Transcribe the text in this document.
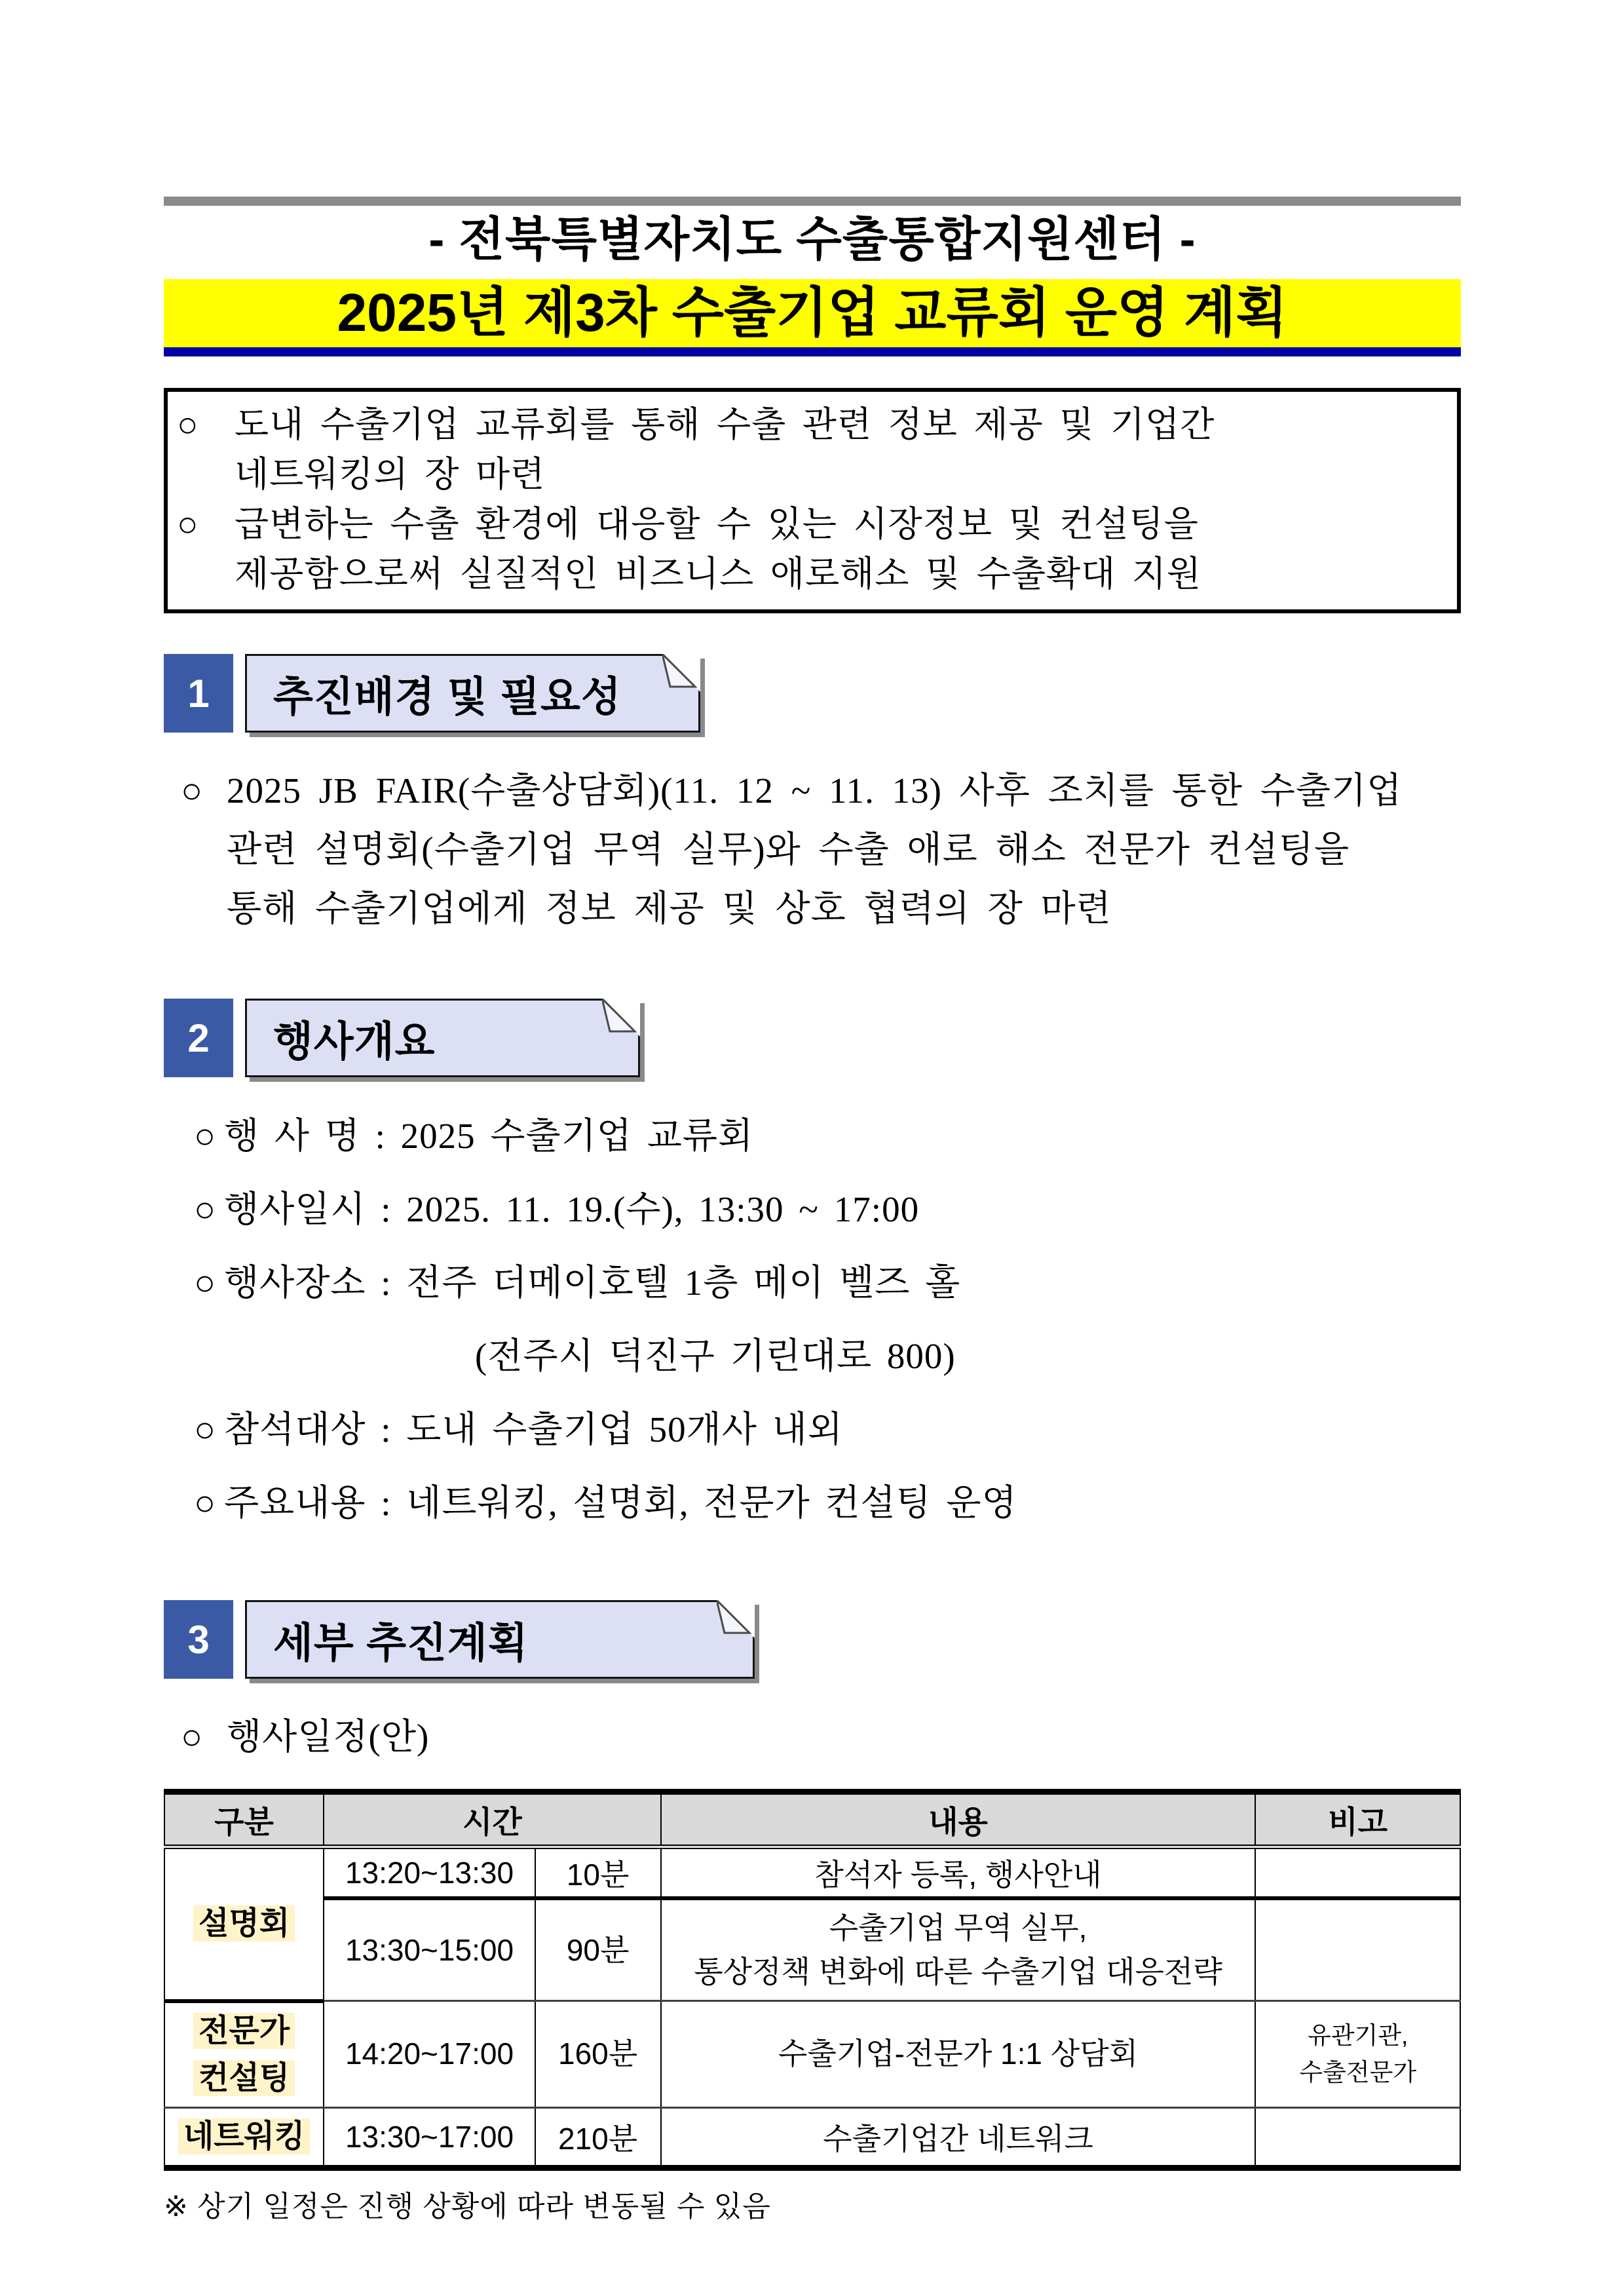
- 전북특별자치도 수출통합지원센터 -
2025년 제3차 수출기업 교류회 운영 계획
○	도내 수출기업 교류회를 통해 수출 관련 정보 제공 및 기업간
네트워킹의 장 마련
○	급변하는 수출 환경에 대응할 수 있는 시장정보 및 컨설팅을
제공함으로써 실질적인 비즈니스 애로해소 및 수출확대 지원
1	추진배경 및 필요성
○ 2025 JB FAIR(수출상담회)(11. 12 ~ 11. 13) 사후 조치를 통한 수출기업
관련 설명회(수출기업 무역 실무)와 수출 애로 해소 전문가 컨설팅을
통해 수출기업에게 정보 제공 및 상호 협력의 장 마련
2	행사개요
○ 행 사 명 : 2025 수출기업 교류회
○ 행사일시 : 2025. 11. 19.(수), 13:30 ~ 17:00
○ 행사장소 : 전주 더메이호텔 1층 메이 벨즈 홀
(전주시 덕진구 기린대로 800)
○ 참석대상 : 도내 수출기업 50개사 내외
○ 주요내용 : 네트워킹, 설명회, 전문가 컨설팅 운영
3	세부 추진계획
○ 행사일정(안)
구분	시간		내용	비고
설명회	13:20~13:30	10분	참석자 등록, 행사안내	
	13:30~15:00	90분	수출기업 무역 실무,
통상정책 변화에 따른 수출기업 대응전략	
전문가
컨설팅	14:20~17:00	160분	수출기업-전문가 1:1 상담회	유관기관,
수출전문가
네트워킹	13:30~17:00	210분	수출기업간 네트워크	
※ 상기 일정은 진행 상황에 따라 변동될 수 있음
